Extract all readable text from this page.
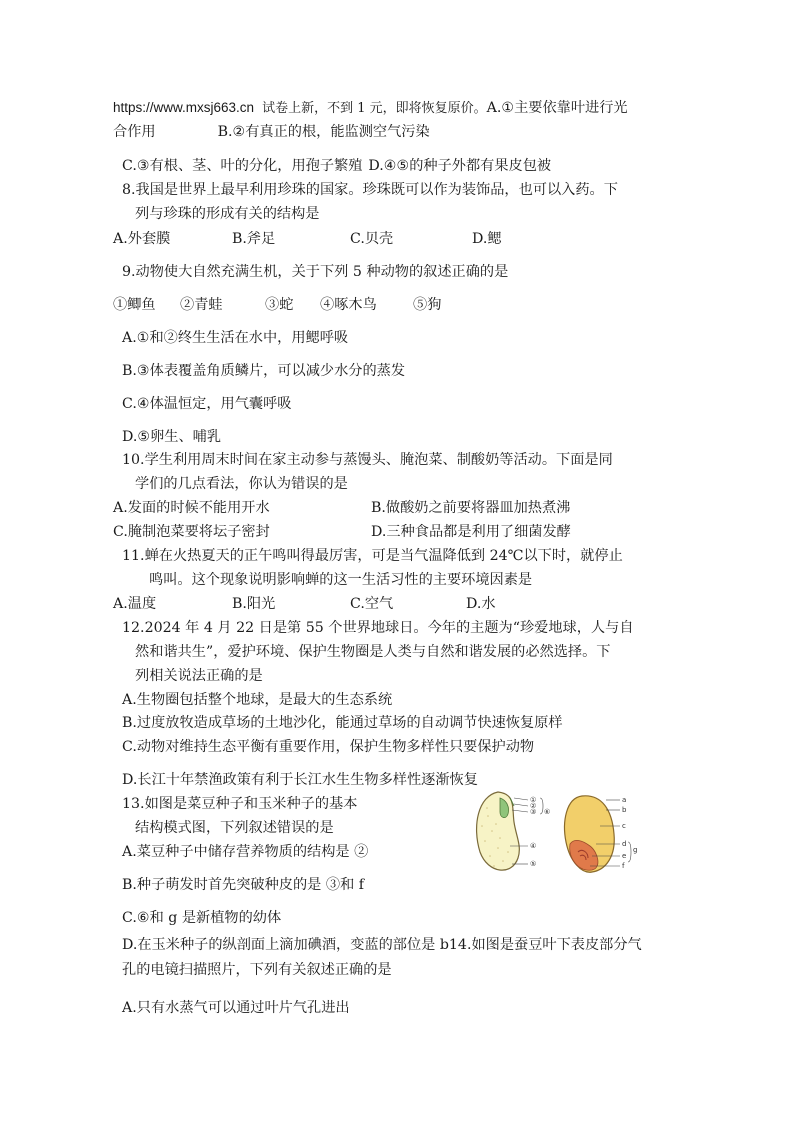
https://www.mxsj663.cn 试卷上新，不到 1 元，即将恢复原价。A.①主要依靠叶进行光
合作用	B.②有真正的根，能监测空气污染
C.③有根、茎、叶的分化，用孢子繁殖 D.④⑤的种子外都有果皮包被
8.我国是世界上最早利用珍珠的国家。珍珠既可以作为装饰品，也可以入药。下
列与珍珠的形成有关的结构是
A.外套膜	B.斧足	C.贝壳	D.鳃
9.动物使大自然充满生机，关于下列 5 种动物的叙述正确的是
①鲫鱼 ②青蛙	③蛇 ④啄木鸟	⑤狗
A.①和②终生生活在水中，用鳃呼吸
B.③体表覆盖角质鳞片，可以减少水分的蒸发
C.④体温恒定，用气囊呼吸
D.⑤卵生、哺乳
10.学生利用周末时间在家主动参与蒸馒头、腌泡菜、制酸奶等活动。下面是同
学们的几点看法，你认为错误的是
A.发面的时候不能用开水	B.做酸奶之前要将器皿加热煮沸
C.腌制泡菜要将坛子密封	D.三种食品都是利用了细菌发酵
11.蝉在火热夏天的正午鸣叫得最厉害，可是当气温降低到 24℃以下时，就停止
鸣叫。这个现象说明影响蝉的这一生活习性的主要环境因素是
A.温度	B.阳光	C.空气	D.水
12.2024 年 4 月 22 日是第 55 个世界地球日。今年的主题为“珍爱地球，人与自
然和谐共生”，爱护环境、保护生物圈是人类与自然和谐发展的必然选择。下
列相关说法正确的是
A.生物圈包括整个地球，是最大的生态系统
B.过度放牧造成草场的土地沙化，能通过草场的自动调节快速恢复原样
C.动物对维持生态平衡有重要作用，保护生物多样性只要保护动物
D.长江十年禁渔政策有利于长江水生生物多样性逐渐恢复
13.如图是菜豆种子和玉米种子的基本
结构模式图，下列叙述错误的是
A.菜豆种子中储存营养物质的结构是 ②
B.种子萌发时首先突破种皮的是 ③和 f
C.⑥和 g 是新植物的幼体
D.在玉米种子的纵剖面上滴加碘酒，变蓝的部位是 b14.如图是蚕豆叶下表皮部分气
孔的电镜扫描照片，下列有关叙述正确的是
A.只有水蒸气可以通过叶片气孔进出
①
②
③
④
⑤
⑥
a
b
c
d
e
f
g
